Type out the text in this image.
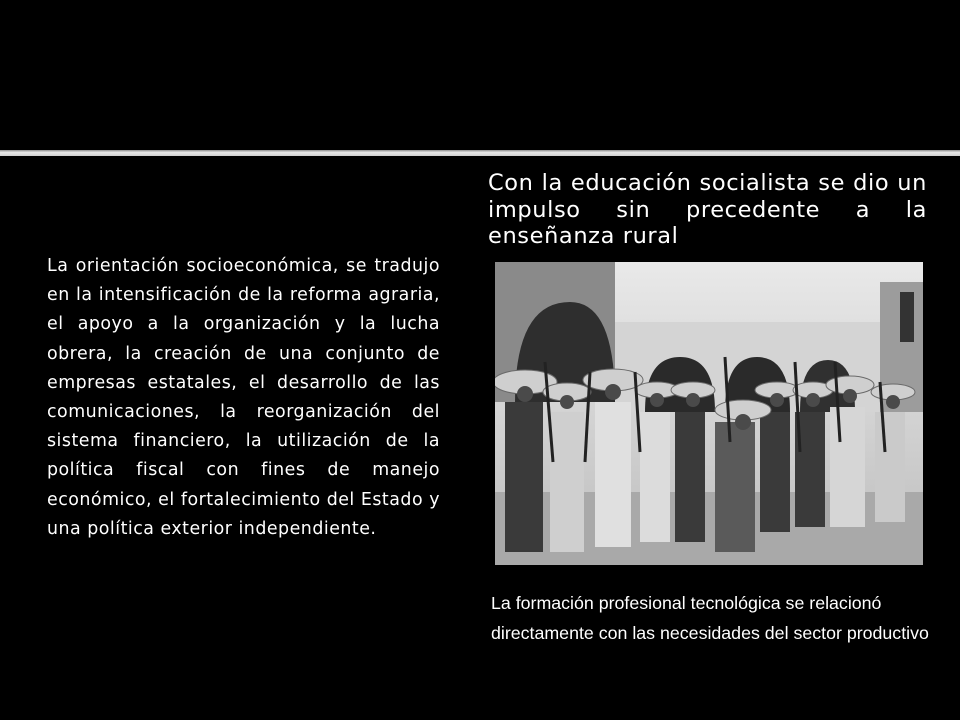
La orientación socioeconómica, se tradujo en la intensificación de la reforma agraria, el apoyo a la organización y la lucha obrera, la creación de una conjunto de empresas estatales, el desarrollo de las comunicaciones, la reorganización del sistema financiero, la utilización de la política fiscal con fines de manejo económico, el fortalecimiento del Estado y una política exterior independiente.

Con la educación socialista se dio un impulso sin precedente a la enseñanza rural

La formación profesional tecnológica se relacionó directamente con las necesidades del sector productivo
